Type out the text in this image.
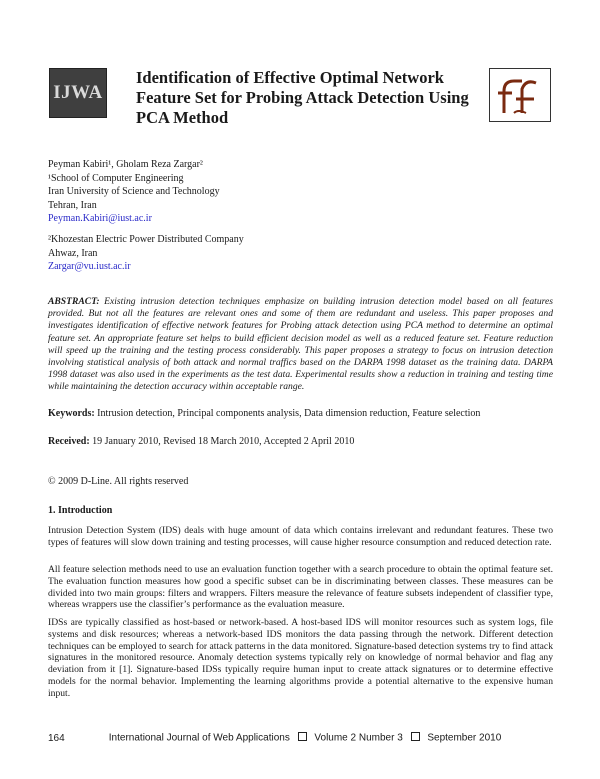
IJWA
Identification of Effective Optimal Network Feature Set for Probing Attack Detection Using PCA Method
Peyman Kabiri¹, Gholam Reza Zargar²
¹School of Computer Engineering
Iran University of Science and Technology
Tehran, Iran
Peyman.Kabiri@iust.ac.ir
²Khozestan Electric Power Distributed Company
Ahwaz, Iran
Zargar@vu.iust.ac.ir
ABSTRACT: Existing intrusion detection techniques emphasize on building intrusion detection model based on all features provided. But not all the features are relevant ones and some of them are redundant and useless. This paper proposes and investigates identification of effective network features for Probing attack detection using PCA method to determine an optimal feature set. An appropriate feature set helps to build efficient decision model as well as a reduced feature set. Feature reduction will speed up the training and the testing process considerably. This paper proposes a strategy to focus on intrusion detection involving statistical analysis of both attack and normal traffics based on the DARPA 1998 dataset as the training data. DARPA 1998 dataset was also used in the experiments as the test data. Experimental results show a reduction in training and testing time while maintaining the detection accuracy within acceptable range.
Keywords: Intrusion detection, Principal components analysis, Data dimension reduction, Feature selection
Received: 19 January 2010, Revised 18 March 2010, Accepted 2 April 2010
© 2009 D-Line. All rights reserved
1. Introduction
Intrusion Detection System (IDS) deals with huge amount of data which contains irrelevant and redundant features. These two types of features will slow down training and testing processes, will cause higher resource consumption and reduced detection rate.
All feature selection methods need to use an evaluation function together with a search procedure to obtain the optimal feature set. The evaluation function measures how good a specific subset can be in discriminating between classes. These measures can be divided into two main groups: filters and wrappers. Filters measure the relevance of feature subsets independent of classifier type, whereas wrappers use the classifier’s performance as the evaluation measure.
IDSs are typically classified as host-based or network-based. A host-based IDS will monitor resources such as system logs, file systems and disk resources; whereas a network-based IDS monitors the data passing through the network. Different detection techniques can be employed to search for attack patterns in the data monitored. Signature-based detection systems try to find attack signatures in the monitored resource. Anomaly detection systems typically rely on knowledge of normal behavior and flag any deviation from it [1]. Signature-based IDSs typically require human input to create attack signatures or to determine effective models for the normal behavior. Implementing the learning algorithms provide a potential alternative to the expensive human input.
164	International Journal of Web Applications Volume 2 Number 3 September 2010
